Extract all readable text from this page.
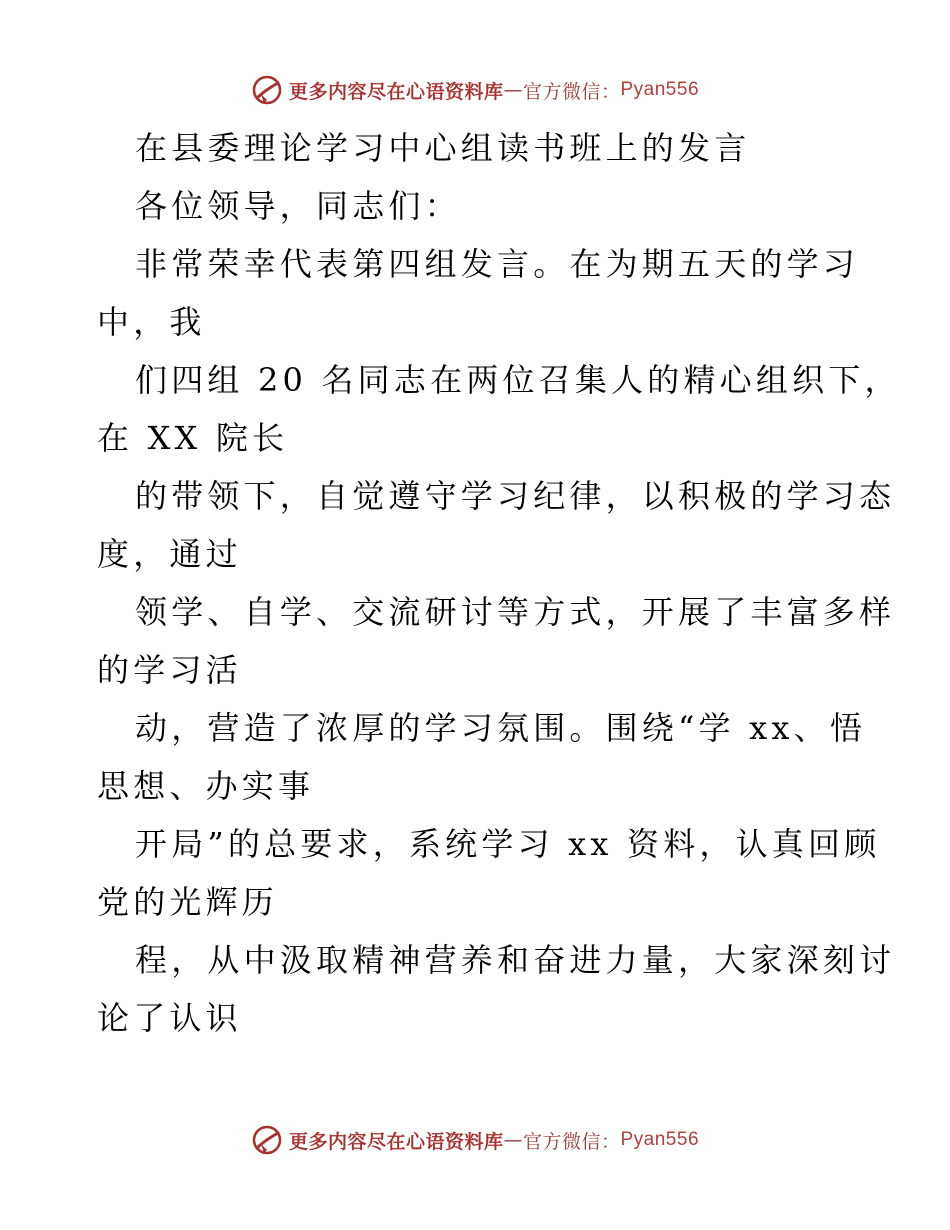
更多内容尽在心语资料库 — 官方微信： Pyan556
在县委理论学习中心组读书班上的发言
各位领导，同志们：
非常荣幸代表第四组发言。在为期五天的学习
中，我
们四组 20 名同志在两位召集人的精心组织下，
在 XX 院长
的带领下，自觉遵守学习纪律，以积极的学习态
度，通过
领学、自学、交流研讨等方式，开展了丰富多样
的学习活
动，营造了浓厚的学习氛围。围绕“学 xx、悟
思想、办实事
开局”的总要求，系统学习 xx 资料，认真回顾
党的光辉历
程，从中汲取精神营养和奋进力量，大家深刻讨
论了认识
更多内容尽在心语资料库 — 官方微信： Pyan556
